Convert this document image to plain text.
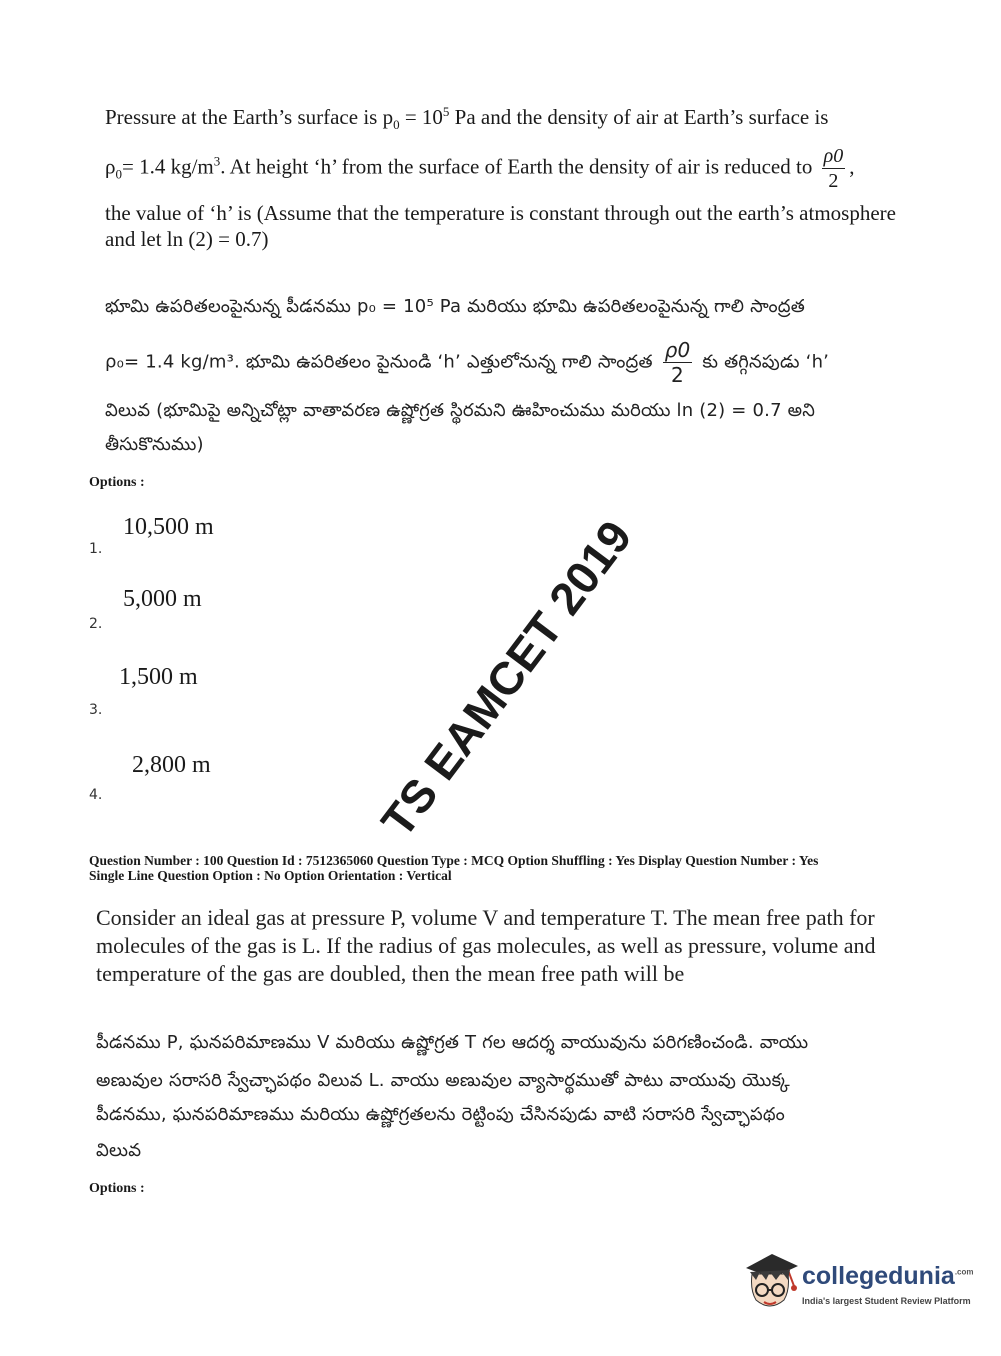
Pressure at the Earth’s surface is $p_0 = 10^5$ Pa and the density of air at Earth’s surface is
$\rho_0= 1.4$ $kg/m^3$. At height ‘h’ from the surface of Earth the density of air is reduced to $\frac{\rho 0}{2}$ ,
the value of ‘h’ is (Assume that the temperature is constant through out the earth’s atmosphere
and let ln (2) = 0.7)
భూమి ఉపరితలంపైనున్న పీడనము p₀ = 10⁵ Pa మరియు భూమి ఉపరితలంపైనున్న గాలి సాంద్రత
ρ₀= 1.4 kg/m³. భూమి ఉపరితలం పైనుండి ‘h’ ఎత్తులోనున్న గాలి సాంద్రత $\frac{\rho 0}{2}$ కు తగ్గినపుడు ‘h’
విలువ (భూమిపై అన్నిచోట్లా వాతావరణ ఉష్ణోగ్రత స్థిరమని ఊహించుము మరియు ln (2) = 0.7 అని
తీసుకొనుము)
Options :
10,500 m
1.
5,000 m
2.
1,500 m
3.
2,800 m
4.	TS EAMCET 2019
Question Number : 100 Question Id : 7512365060 Question Type : MCQ Option Shuffling : Yes Display Question Number : Yes
Single Line Question Option : No Option Orientation : Vertical
Consider an ideal gas at pressure P, volume V and temperature T. The mean free path for
molecules of the gas is L. If the radius of gas molecules, as well as pressure, volume and
temperature of the gas are doubled, then the mean free path will be
పీడనము P, ఘనపరిమాణము V మరియు ఉష్ణోగ్రత T గల ఆదర్శ వాయువును పరిగణించండి. వాయు
అణువుల సరాసరి స్వేచ్ఛాపథం విలువ L. వాయు అణువుల వ్యాసార్థముతో పాటు వాయువు యొక్క
పీడనము, ఘనపరిమాణము మరియు ఉష్ణోగ్రతలను రెట్టింపు చేసినపుడు వాటి సరాసరి స్వేచ్ఛాపథం
విలువ
Options :
collegedunia$^{.com}$
India's largest Student Review Platform
